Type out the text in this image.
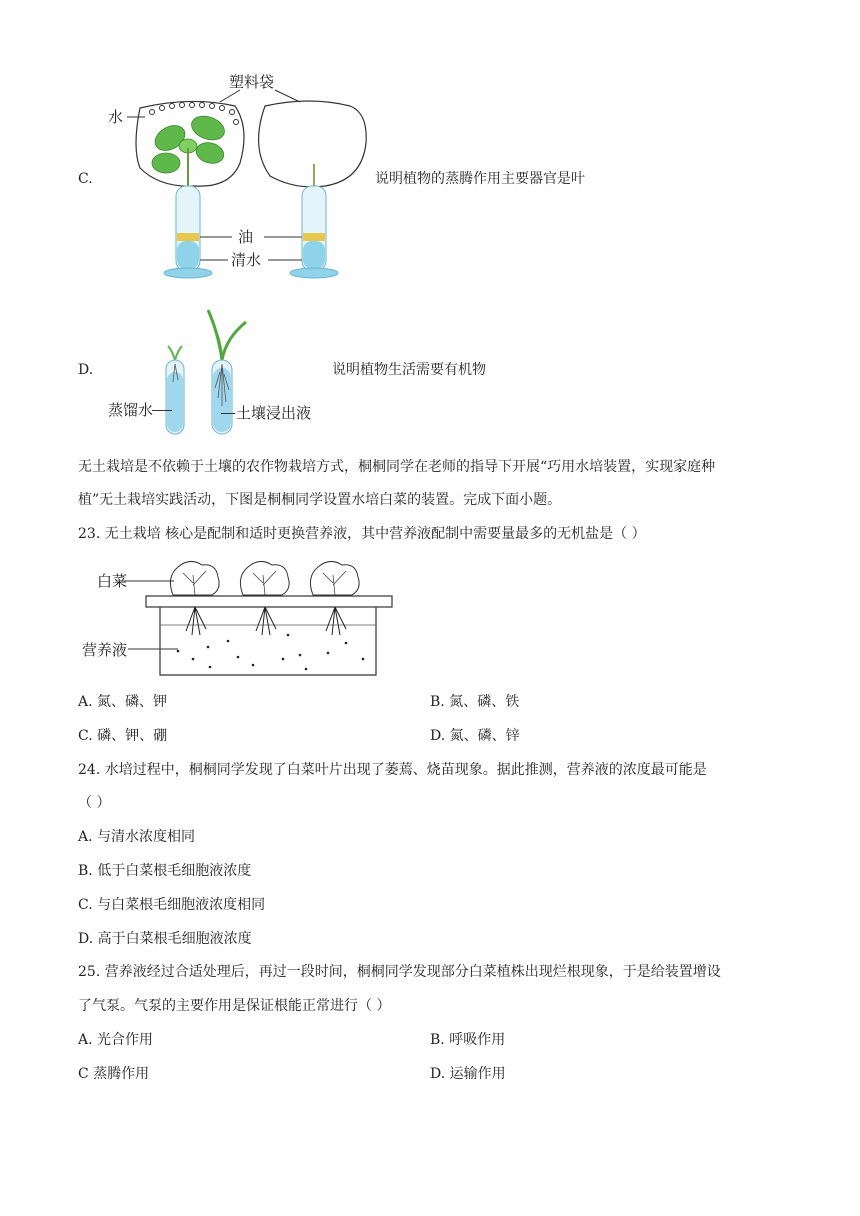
C.
塑料袋
水
油
清水
说明植物的蒸腾作用主要器官是叶
D.
蒸馏水	土壤浸出液
说明植物生活需要有机物
无土栽培是不依赖于土壤的农作物栽培方式，桐桐同学在老师的指导下开展“巧用水培装置，实现家庭种
植”无土栽培实践活动，下图是桐桐同学设置水培白菜的装置。完成下面小题。
23. 无土栽培 核心是配制和适时更换营养液，其中营养液配制中需要量最多的无机盐是（ ）
白菜
营养液
A. 氮、磷、钾	B. 氮、磷、铁
C. 磷、钾、硼	D. 氮、磷、锌
24. 水培过程中，桐桐同学发现了白菜叶片出现了萎蔫、烧苗现象。据此推测，营养液的浓度最可能是
（ ）
A. 与清水浓度相同
B. 低于白菜根毛细胞液浓度
C. 与白菜根毛细胞液浓度相同
D. 高于白菜根毛细胞液浓度
25. 营养液经过合适处理后，再过一段时间，桐桐同学发现部分白菜植株出现烂根现象，于是给装置增设
了气泵。气泵的主要作用是保证根能正常进行（ ）
A. 光合作用	B. 呼吸作用
C 蒸腾作用	D. 运输作用
